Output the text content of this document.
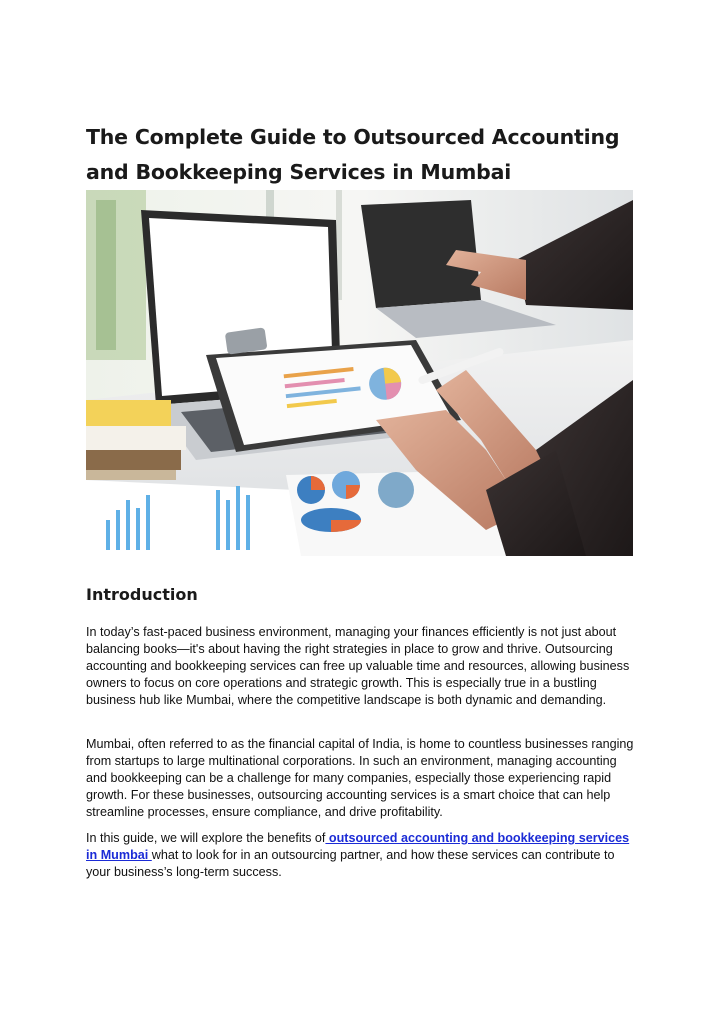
The Complete Guide to Outsourced Accounting and Bookkeeping Services in Mumbai
Introduction

In today’s fast-paced business environment, managing your finances efficiently is not just about balancing books—it's about having the right strategies in place to grow and thrive. Outsourcing accounting and bookkeeping services can free up valuable time and resources, allowing business owners to focus on core operations and strategic growth. This is especially true in a bustling business hub like Mumbai, where the competitive landscape is both dynamic and demanding.

Mumbai, often referred to as the financial capital of India, is home to countless businesses ranging from startups to large multinational corporations. In such an environment, managing accounting and bookkeeping can be a challenge for many companies, especially those experiencing rapid growth. For these businesses, outsourcing accounting services is a smart choice that can help streamline processes, ensure compliance, and drive profitability.

In this guide, we will explore the benefits of outsourced accounting and bookkeeping services in Mumbai what to look for in an outsourcing partner, and how these services can contribute to your business’s long-term success.
